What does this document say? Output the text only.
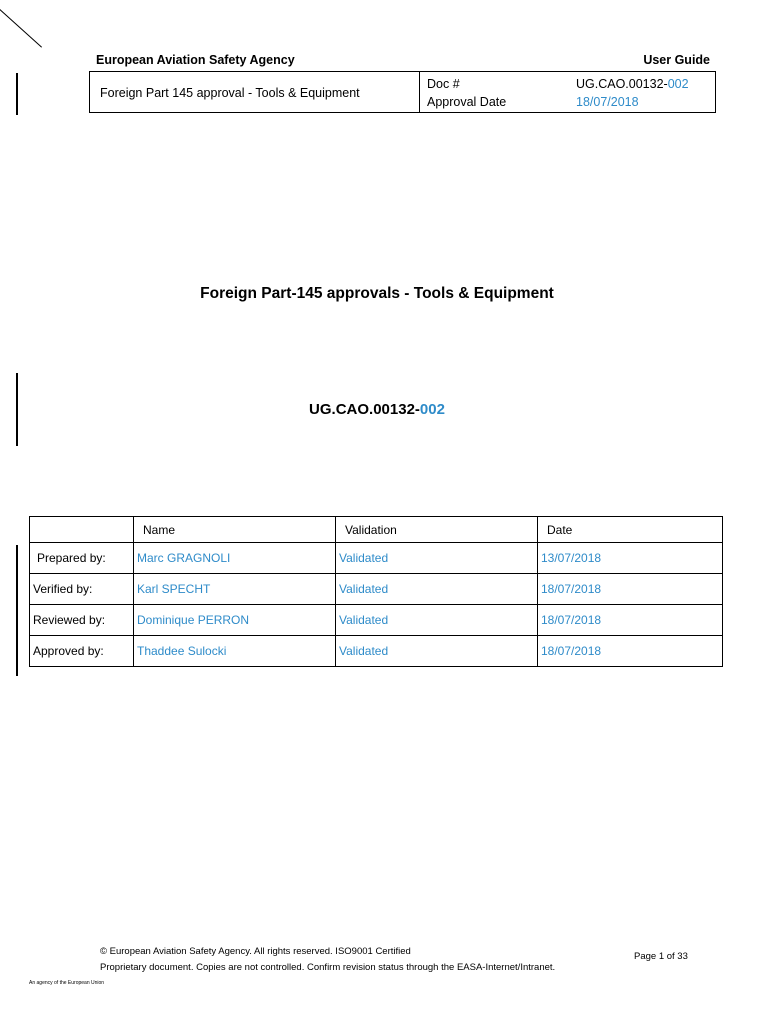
European Aviation Safety Agency	User Guide
Foreign Part 145 approval - Tools & Equipment
Doc #	UG.CAO.00132-002
Approval Date	18/07/2018
Foreign Part-145 approvals - Tools & Equipment
UG.CAO.00132-002
	Name	Validation	Date
Prepared by:	Marc GRAGNOLI	Validated	13/07/2018
Verified by:	Karl SPECHT	Validated	18/07/2018
Reviewed by:	Dominique PERRON	Validated	18/07/2018
Approved by:	Thaddee Sulocki	Validated	18/07/2018
© European Aviation Safety Agency. All rights reserved. ISO9001 Certified
Proprietary document. Copies are not controlled. Confirm revision status through the EASA-Internet/Intranet.
Page 1 of 33
An agency of the European Union
